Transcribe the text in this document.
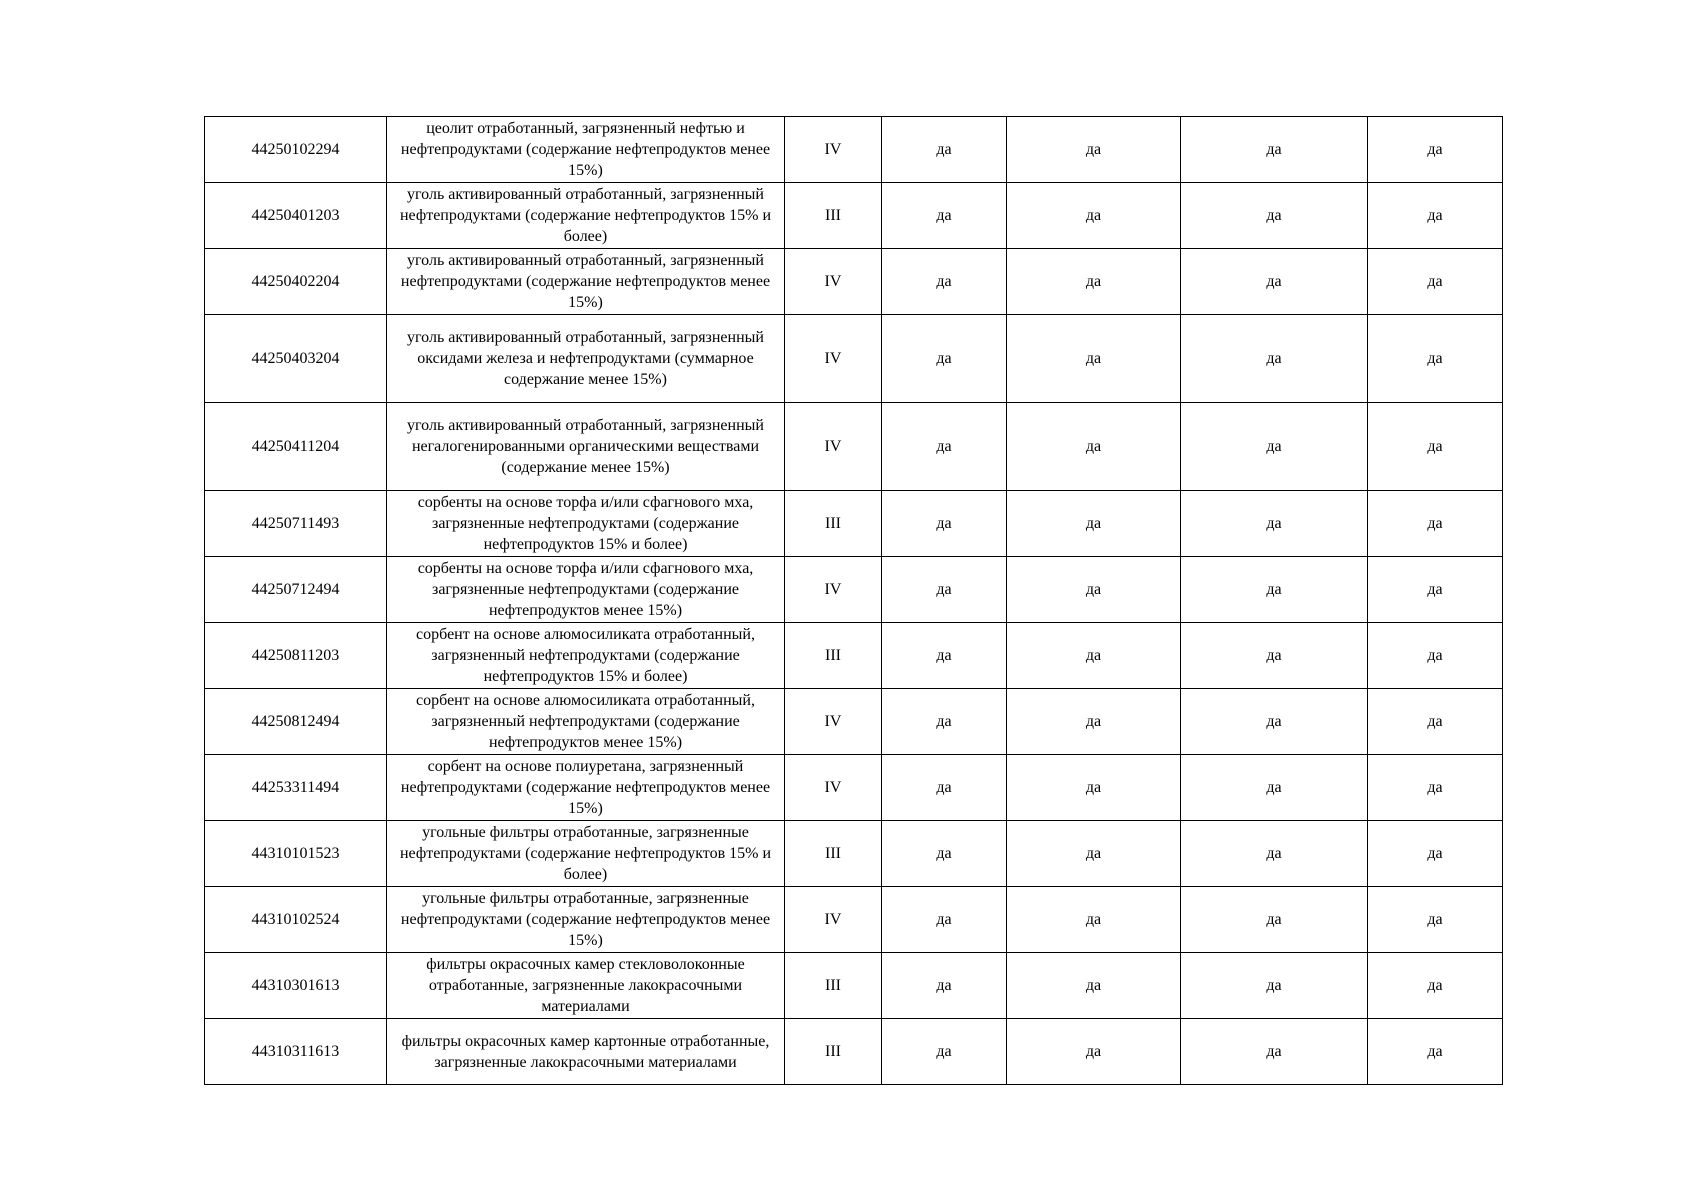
44250102294	цеолит отработанный, загрязненный нефтью и нефтепродуктами (содержание нефтепродуктов менее 15%)	IV	да	да	да	да
44250401203	уголь активированный отработанный, загрязненный нефтепродуктами (содержание нефтепродуктов 15% и более)	III	да	да	да	да
44250402204	уголь активированный отработанный, загрязненный нефтепродуктами (содержание нефтепродуктов менее 15%)	IV	да	да	да	да
44250403204	уголь активированный отработанный, загрязненный оксидами железа и нефтепродуктами (суммарное содержание менее 15%)	IV	да	да	да	да
44250411204	уголь активированный отработанный, загрязненный негалогенированными органическими веществами (содержание менее 15%)	IV	да	да	да	да
44250711493	сорбенты на основе торфа и/или сфагнового мха, загрязненные нефтепродуктами (содержание нефтепродуктов 15% и более)	III	да	да	да	да
44250712494	сорбенты на основе торфа и/или сфагнового мха, загрязненные нефтепродуктами (содержание нефтепродуктов менее 15%)	IV	да	да	да	да
44250811203	сорбент на основе алюмосиликата отработанный, загрязненный нефтепродуктами (содержание нефтепродуктов 15% и более)	III	да	да	да	да
44250812494	сорбент на основе алюмосиликата отработанный, загрязненный нефтепродуктами (содержание нефтепродуктов менее 15%)	IV	да	да	да	да
44253311494	сорбент на основе полиуретана, загрязненный нефтепродуктами (содержание нефтепродуктов менее 15%)	IV	да	да	да	да
44310101523	угольные фильтры отработанные, загрязненные нефтепродуктами (содержание нефтепродуктов 15% и более)	III	да	да	да	да
44310102524	угольные фильтры отработанные, загрязненные нефтепродуктами (содержание нефтепродуктов менее 15%)	IV	да	да	да	да
44310301613	фильтры окрасочных камер стекловолоконные отработанные, загрязненные лакокрасочными материалами	III	да	да	да	да
44310311613	фильтры окрасочных камер картонные отработанные, загрязненные лакокрасочными материалами	III	да	да	да	да
